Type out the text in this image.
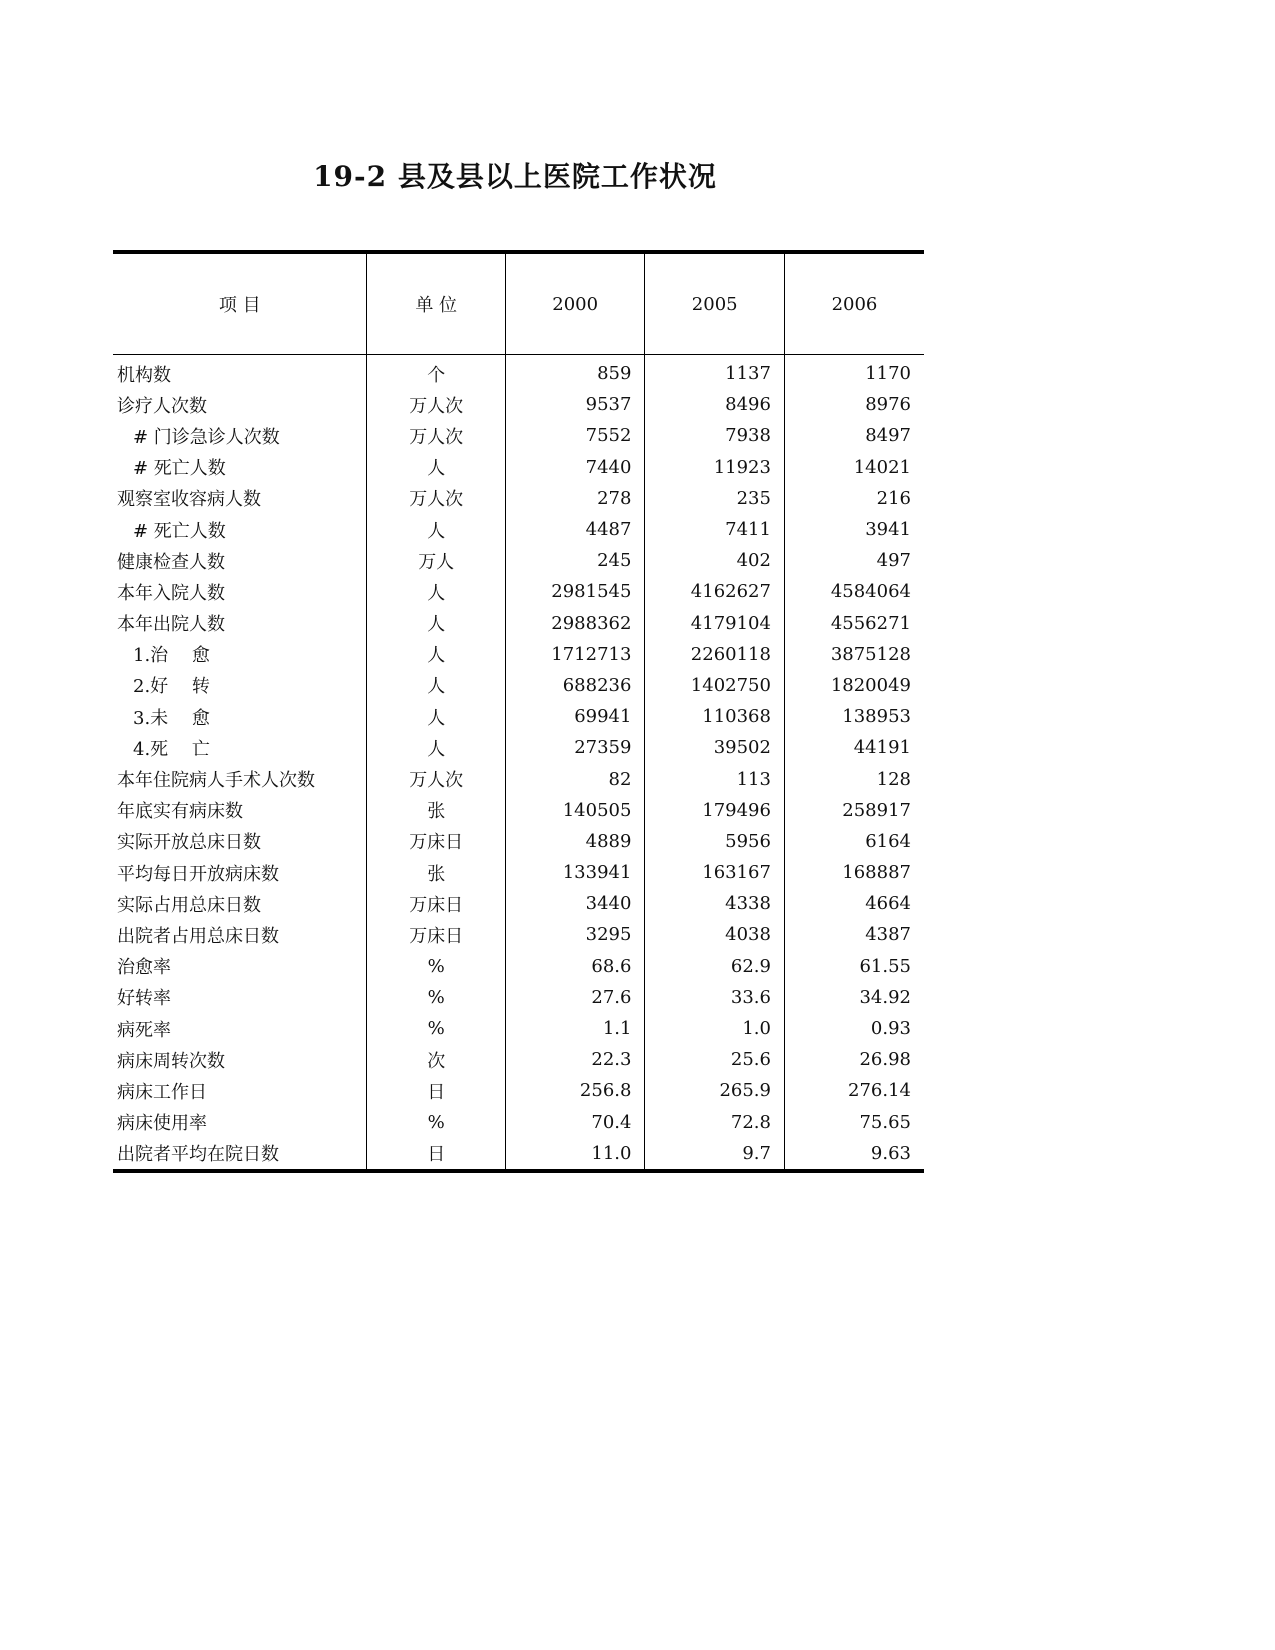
19-2 县及县以上医院工作状况
项 目	单 位	2000	2005	2006
机构数	个	859	1137	1170
诊疗人次数	万人次	9537	8496	8976
# 门诊急诊人次数	万人次	7552	7938	8497
# 死亡人数	人	7440	11923	14021
观察室收容病人数	万人次	278	235	216
# 死亡人数	人	4487	7411	3941
健康检查人数	万人	245	402	497
本年入院人数	人	2981545	4162627	4584064
本年出院人数	人	2988362	4179104	4556271
1.治　 愈	人	1712713	2260118	3875128
2.好　 转	人	688236	1402750	1820049
3.未　 愈	人	69941	110368	138953
4.死　 亡	人	27359	39502	44191
本年住院病人手术人次数	万人次	82	113	128
年底实有病床数	张	140505	179496	258917
实际开放总床日数	万床日	4889	5956	6164
平均每日开放病床数	张	133941	163167	168887
实际占用总床日数	万床日	3440	4338	4664
出院者占用总床日数	万床日	3295	4038	4387
治愈率	%	68.6	62.9	61.55
好转率	%	27.6	33.6	34.92
病死率	%	1.1	1.0	0.93
病床周转次数	次	22.3	25.6	26.98
病床工作日	日	256.8	265.9	276.14
病床使用率	%	70.4	72.8	75.65
出院者平均在院日数	日	11.0	9.7	9.63
